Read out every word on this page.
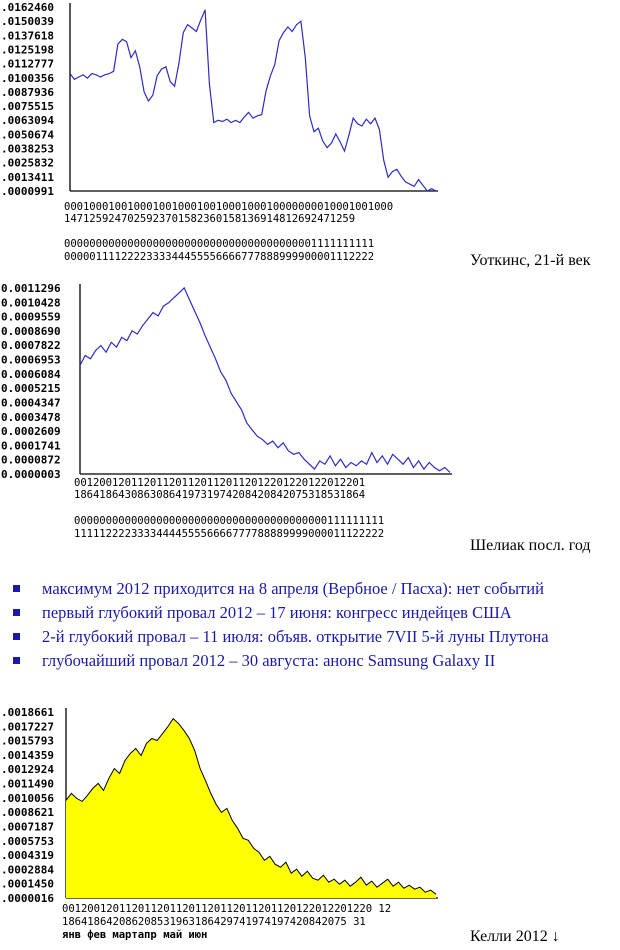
.0162460
.0150039
.0137618
.0125198
.0112777
.0100356
.0087936
.0075515
.0063094
.0050674
.0038253
.0025832
.0013411
.0000991
0001000100100010010001001000100010000000010001001000
1471259247025923701582360158136914812692471259
0000000000000000000000000000000000000001111111111
0000011112222333344455556666777888999900001112222	Уоткинс, 21-й век
0.0011296
0.0010428
0.0009559
0.0008690
0.0007822
0.0006953
0.0006084
0.0005215
0.0004347
0.0003478
0.0002609
0.0001741
0.0000872
0.0000003
0012001201120112011201120112012201220122012201
1864186430863086419731974208420842075318531864
0000000000000000000000000000000000000000111111111
1111122223333444455556666777788889999000011122222
Шелиак посл. год
максимум 2012 приходится на 8 апреля (Вербное / Пасха): нет событий
первый глубокий провал 2012 – 17 июня: конгресс индейцев США
2-й глубокий провал – 11 июля: объяв. открытие 7VII 5-й луны Плутона
глубочайший провал 2012 – 30 августа: анонс Samsung Galaxy II
.0018661
.0017227
.0015793
.0014359
.0012924
.0011490
.0010056
.0008621
.0007187
.0005753
.0004319
.0002884
.0001450
.0000016
0012001201120112011201120112011201120122012201220 12
186418642086208531963186429741974197420842075 31
янв фев мартапр май июн	Келли 2012 ↓
